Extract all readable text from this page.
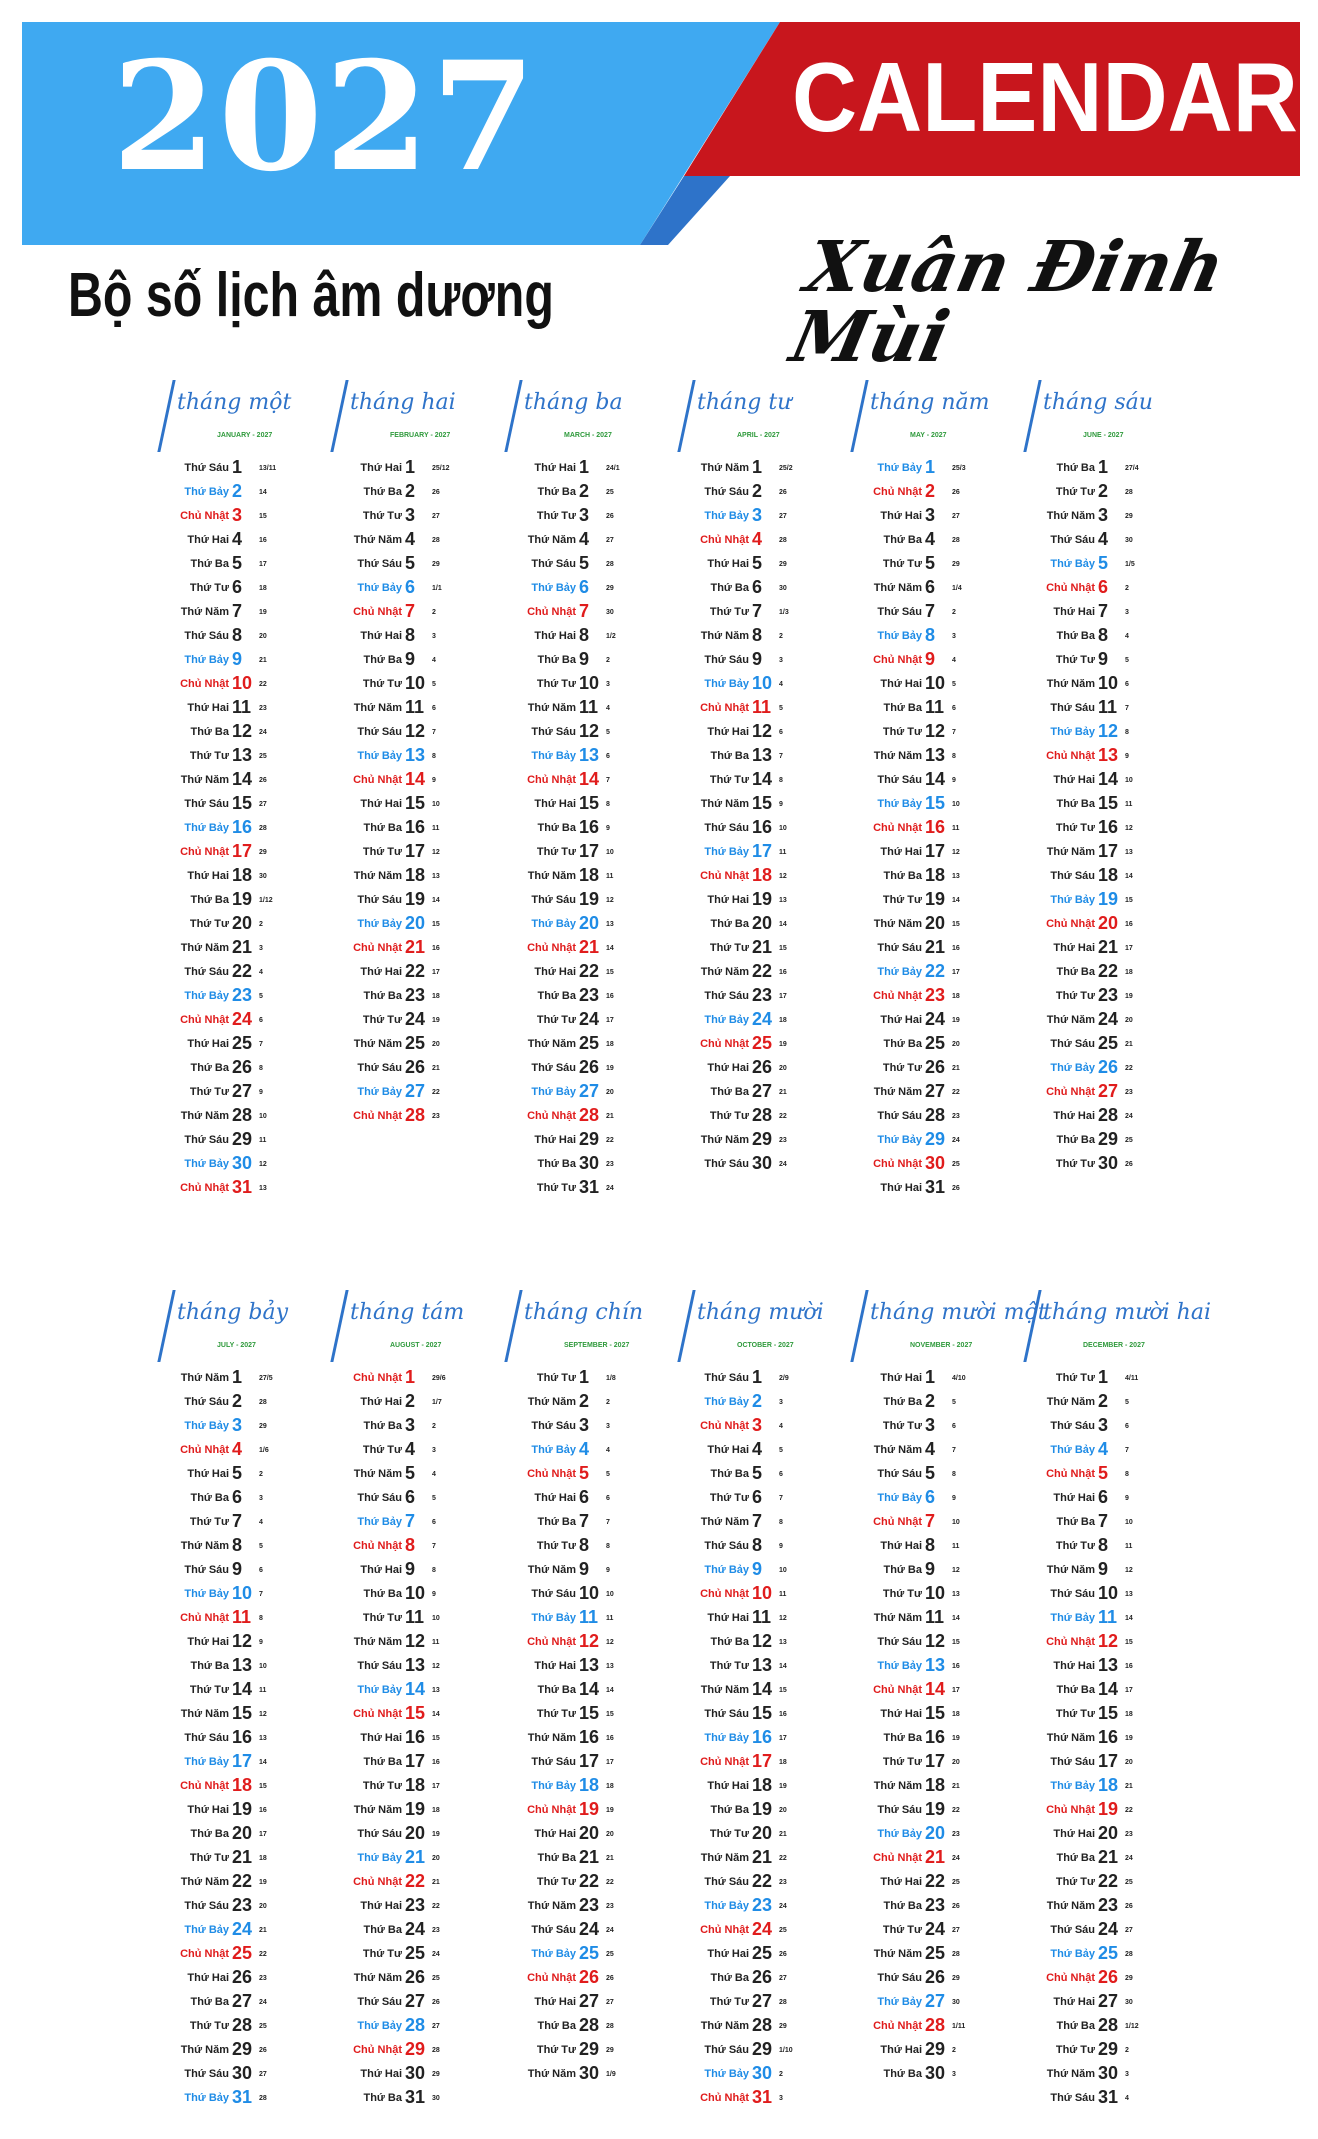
2027	CALENDAR
Bộ số lịch âm dương	Xuân Đinh Mùi
tháng một
JANUARY - 2027
Thứ Sáu 1 13/11
Thứ Bảy 2 14
Chủ Nhật 3 15
Thứ Hai 4 16
Thứ Ba 5 17
Thứ Tư 6 18
Thứ Năm 7 19
Thứ Sáu 8 20
Thứ Bảy 9 21
Chủ Nhật 10 22
Thứ Hai 11 23
Thứ Ba 12 24
Thứ Tư 13 25
Thứ Năm 14 26
Thứ Sáu 15 27
Thứ Bảy 16 28
Chủ Nhật 17 29
Thứ Hai 18 30
Thứ Ba 19 1/12
Thứ Tư 20 2
Thứ Năm 21 3
Thứ Sáu 22 4
Thứ Bảy 23 5
Chủ Nhật 24 6
Thứ Hai 25 7
Thứ Ba 26 8
Thứ Tư 27 9
Thứ Năm 28 10
Thứ Sáu 29 11
Thứ Bảy 30 12
Chủ Nhật 31 13
tháng hai
FEBRUARY - 2027
Thứ Hai 1 25/12
Thứ Ba 2 26
Thứ Tư 3 27
Thứ Năm 4 28
Thứ Sáu 5 29
Thứ Bảy 6 1/1
Chủ Nhật 7 2
Thứ Hai 8 3
Thứ Ba 9 4
Thứ Tư 10 5
Thứ Năm 11 6
Thứ Sáu 12 7
Thứ Bảy 13 8
Chủ Nhật 14 9
Thứ Hai 15 10
Thứ Ba 16 11
Thứ Tư 17 12
Thứ Năm 18 13
Thứ Sáu 19 14
Thứ Bảy 20 15
Chủ Nhật 21 16
Thứ Hai 22 17
Thứ Ba 23 18
Thứ Tư 24 19
Thứ Năm 25 20
Thứ Sáu 26 21
Thứ Bảy 27 22
Chủ Nhật 28 23
tháng ba
MARCH - 2027
Thứ Hai 1 24/1
Thứ Ba 2 25
Thứ Tư 3 26
Thứ Năm 4 27
Thứ Sáu 5 28
Thứ Bảy 6 29
Chủ Nhật 7 30
Thứ Hai 8 1/2
Thứ Ba 9 2
Thứ Tư 10 3
Thứ Năm 11 4
Thứ Sáu 12 5
Thứ Bảy 13 6
Chủ Nhật 14 7
Thứ Hai 15 8
Thứ Ba 16 9
Thứ Tư 17 10
Thứ Năm 18 11
Thứ Sáu 19 12
Thứ Bảy 20 13
Chủ Nhật 21 14
Thứ Hai 22 15
Thứ Ba 23 16
Thứ Tư 24 17
Thứ Năm 25 18
Thứ Sáu 26 19
Thứ Bảy 27 20
Chủ Nhật 28 21
Thứ Hai 29 22
Thứ Ba 30 23
Thứ Tư 31 24
tháng tư
APRIL - 2027
Thứ Năm 1 25/2
Thứ Sáu 2 26
Thứ Bảy 3 27
Chủ Nhật 4 28
Thứ Hai 5 29
Thứ Ba 6 30
Thứ Tư 7 1/3
Thứ Năm 8 2
Thứ Sáu 9 3
Thứ Bảy 10 4
Chủ Nhật 11 5
Thứ Hai 12 6
Thứ Ba 13 7
Thứ Tư 14 8
Thứ Năm 15 9
Thứ Sáu 16 10
Thứ Bảy 17 11
Chủ Nhật 18 12
Thứ Hai 19 13
Thứ Ba 20 14
Thứ Tư 21 15
Thứ Năm 22 16
Thứ Sáu 23 17
Thứ Bảy 24 18
Chủ Nhật 25 19
Thứ Hai 26 20
Thứ Ba 27 21
Thứ Tư 28 22
Thứ Năm 29 23
Thứ Sáu 30 24
tháng năm
MAY - 2027
Thứ Bảy 1 25/3
Chủ Nhật 2 26
Thứ Hai 3 27
Thứ Ba 4 28
Thứ Tư 5 29
Thứ Năm 6 1/4
Thứ Sáu 7 2
Thứ Bảy 8 3
Chủ Nhật 9 4
Thứ Hai 10 5
Thứ Ba 11 6
Thứ Tư 12 7
Thứ Năm 13 8
Thứ Sáu 14 9
Thứ Bảy 15 10
Chủ Nhật 16 11
Thứ Hai 17 12
Thứ Ba 18 13
Thứ Tư 19 14
Thứ Năm 20 15
Thứ Sáu 21 16
Thứ Bảy 22 17
Chủ Nhật 23 18
Thứ Hai 24 19
Thứ Ba 25 20
Thứ Tư 26 21
Thứ Năm 27 22
Thứ Sáu 28 23
Thứ Bảy 29 24
Chủ Nhật 30 25
Thứ Hai 31 26
tháng sáu
JUNE - 2027
Thứ Ba 1 27/4
Thứ Tư 2 28
Thứ Năm 3 29
Thứ Sáu 4 30
Thứ Bảy 5 1/5
Chủ Nhật 6 2
Thứ Hai 7 3
Thứ Ba 8 4
Thứ Tư 9 5
Thứ Năm 10 6
Thứ Sáu 11 7
Thứ Bảy 12 8
Chủ Nhật 13 9
Thứ Hai 14 10
Thứ Ba 15 11
Thứ Tư 16 12
Thứ Năm 17 13
Thứ Sáu 18 14
Thứ Bảy 19 15
Chủ Nhật 20 16
Thứ Hai 21 17
Thứ Ba 22 18
Thứ Tư 23 19
Thứ Năm 24 20
Thứ Sáu 25 21
Thứ Bảy 26 22
Chủ Nhật 27 23
Thứ Hai 28 24
Thứ Ba 29 25
Thứ Tư 30 26
tháng bảy
JULY - 2027
Thứ Năm 1 27/5
Thứ Sáu 2 28
Thứ Bảy 3 29
Chủ Nhật 4 1/6
Thứ Hai 5 2
Thứ Ba 6 3
Thứ Tư 7 4
Thứ Năm 8 5
Thứ Sáu 9 6
Thứ Bảy 10 7
Chủ Nhật 11 8
Thứ Hai 12 9
Thứ Ba 13 10
Thứ Tư 14 11
Thứ Năm 15 12
Thứ Sáu 16 13
Thứ Bảy 17 14
Chủ Nhật 18 15
Thứ Hai 19 16
Thứ Ba 20 17
Thứ Tư 21 18
Thứ Năm 22 19
Thứ Sáu 23 20
Thứ Bảy 24 21
Chủ Nhật 25 22
Thứ Hai 26 23
Thứ Ba 27 24
Thứ Tư 28 25
Thứ Năm 29 26
Thứ Sáu 30 27
Thứ Bảy 31 28
tháng tám
AUGUST - 2027
Chủ Nhật 1 29/6
Thứ Hai 2 1/7
Thứ Ba 3 2
Thứ Tư 4 3
Thứ Năm 5 4
Thứ Sáu 6 5
Thứ Bảy 7 6
Chủ Nhật 8 7
Thứ Hai 9 8
Thứ Ba 10 9
Thứ Tư 11 10
Thứ Năm 12 11
Thứ Sáu 13 12
Thứ Bảy 14 13
Chủ Nhật 15 14
Thứ Hai 16 15
Thứ Ba 17 16
Thứ Tư 18 17
Thứ Năm 19 18
Thứ Sáu 20 19
Thứ Bảy 21 20
Chủ Nhật 22 21
Thứ Hai 23 22
Thứ Ba 24 23
Thứ Tư 25 24
Thứ Năm 26 25
Thứ Sáu 27 26
Thứ Bảy 28 27
Chủ Nhật 29 28
Thứ Hai 30 29
Thứ Ba 31 30
tháng chín
SEPTEMBER - 2027
Thứ Tư 1 1/8
Thứ Năm 2 2
Thứ Sáu 3 3
Thứ Bảy 4 4
Chủ Nhật 5 5
Thứ Hai 6 6
Thứ Ba 7 7
Thứ Tư 8 8
Thứ Năm 9 9
Thứ Sáu 10 10
Thứ Bảy 11 11
Chủ Nhật 12 12
Thứ Hai 13 13
Thứ Ba 14 14
Thứ Tư 15 15
Thứ Năm 16 16
Thứ Sáu 17 17
Thứ Bảy 18 18
Chủ Nhật 19 19
Thứ Hai 20 20
Thứ Ba 21 21
Thứ Tư 22 22
Thứ Năm 23 23
Thứ Sáu 24 24
Thứ Bảy 25 25
Chủ Nhật 26 26
Thứ Hai 27 27
Thứ Ba 28 28
Thứ Tư 29 29
Thứ Năm 30 1/9
tháng mười
OCTOBER - 2027
Thứ Sáu 1 2/9
Thứ Bảy 2 3
Chủ Nhật 3 4
Thứ Hai 4 5
Thứ Ba 5 6
Thứ Tư 6 7
Thứ Năm 7 8
Thứ Sáu 8 9
Thứ Bảy 9 10
Chủ Nhật 10 11
Thứ Hai 11 12
Thứ Ba 12 13
Thứ Tư 13 14
Thứ Năm 14 15
Thứ Sáu 15 16
Thứ Bảy 16 17
Chủ Nhật 17 18
Thứ Hai 18 19
Thứ Ba 19 20
Thứ Tư 20 21
Thứ Năm 21 22
Thứ Sáu 22 23
Thứ Bảy 23 24
Chủ Nhật 24 25
Thứ Hai 25 26
Thứ Ba 26 27
Thứ Tư 27 28
Thứ Năm 28 29
Thứ Sáu 29 1/10
Thứ Bảy 30 2
Chủ Nhật 31 3
tháng mười một
NOVEMBER - 2027
Thứ Hai 1 4/10
Thứ Ba 2 5
Thứ Tư 3 6
Thứ Năm 4 7
Thứ Sáu 5 8
Thứ Bảy 6 9
Chủ Nhật 7 10
Thứ Hai 8 11
Thứ Ba 9 12
Thứ Tư 10 13
Thứ Năm 11 14
Thứ Sáu 12 15
Thứ Bảy 13 16
Chủ Nhật 14 17
Thứ Hai 15 18
Thứ Ba 16 19
Thứ Tư 17 20
Thứ Năm 18 21
Thứ Sáu 19 22
Thứ Bảy 20 23
Chủ Nhật 21 24
Thứ Hai 22 25
Thứ Ba 23 26
Thứ Tư 24 27
Thứ Năm 25 28
Thứ Sáu 26 29
Thứ Bảy 27 30
Chủ Nhật 28 1/11
Thứ Hai 29 2
Thứ Ba 30 3
tháng mười hai
DECEMBER - 2027
Thứ Tư 1 4/11
Thứ Năm 2 5
Thứ Sáu 3 6
Thứ Bảy 4 7
Chủ Nhật 5 8
Thứ Hai 6 9
Thứ Ba 7 10
Thứ Tư 8 11
Thứ Năm 9 12
Thứ Sáu 10 13
Thứ Bảy 11 14
Chủ Nhật 12 15
Thứ Hai 13 16
Thứ Ba 14 17
Thứ Tư 15 18
Thứ Năm 16 19
Thứ Sáu 17 20
Thứ Bảy 18 21
Chủ Nhật 19 22
Thứ Hai 20 23
Thứ Ba 21 24
Thứ Tư 22 25
Thứ Năm 23 26
Thứ Sáu 24 27
Thứ Bảy 25 28
Chủ Nhật 26 29
Thứ Hai 27 30
Thứ Ba 28 1/12
Thứ Tư 29 2
Thứ Năm 30 3
Thứ Sáu 31 4
